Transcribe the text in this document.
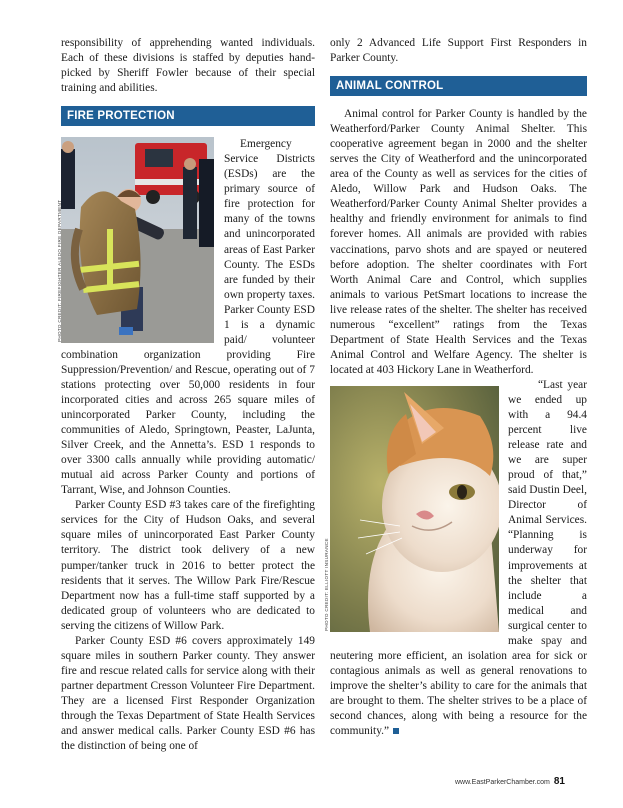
responsibility of apprehending wanted individuals. Each of these divisions is staffed by deputies hand-picked by Sheriff Fowler because of their special training and abilities.

FIRE PROTECTION
PHOTO CREDIT: FIREFIGHTER ALEDO FIRE DEPARTMENT

Emergency Service Districts (ESDs) are the primary source of fire protection for many of the towns and unincorporated areas of East Parker County. The ESDs are funded by their own property taxes. Parker County ESD 1 is a dynamic paid/ volunteer combination organization providing Fire Suppression/Prevention/ and Rescue, operating out of 7 stations protecting over 50,000 residents in four incorporated cities and across 265 square miles of unincorporated Parker County, including the communities of Aledo, Springtown, Peaster, LaJunta, Silver Creek, and the Annetta’s. ESD 1 responds to over 3300 calls annually while providing automatic/ mutual aid across Parker County and portions of Tarrant, Wise, and Johnson Counties.

Parker County ESD #3 takes care of the firefighting services for the City of Hudson Oaks, and several square miles of unincorporated East Parker County territory. The district took delivery of a new pumper/tanker truck in 2016 to better protect the residents that it serves. The Willow Park Fire/Rescue Department now has a full-time staff supported by a dedicated group of volunteers who are dedicated to serving the citizens of Willow Park.

Parker County ESD #6 covers approximately 149 square miles in southern Parker county. They answer fire and rescue related calls for service along with their partner department Cresson Volunteer Fire Department. They are a licensed First Responder Organization through the Texas Department of State Health Services and answer medical calls. Parker County ESD #6 has the distinction of being one of

only 2 Advanced Life Support First Responders in Parker County.

ANIMAL CONTROL

Animal control for Parker County is handled by the Weatherford/Parker County Animal Shelter. This cooperative agreement began in 2000 and the shelter serves the City of Weatherford and the unincorporated area of the County as well as services for the cities of Aledo, Willow Park and Hudson Oaks. The Weatherford/Parker County Animal Shelter provides a healthy and friendly environment for animals to find forever homes. All animals are provided with rabies vaccinations, parvo shots and are spayed or neutered before adoption. The shelter coordinates with Fort Worth Animal Care and Control, which supplies animals to various PetSmart locations to increase the live release rates of the shelter. The shelter has received numerous “excellent” ratings from the Texas Department of State Health Services and the Texas Animal Control and Welfare Agency. The shelter is located at 403 Hickory Lane in Weatherford.

PHOTO CREDIT: ELLIOTT INSURANCE

“Last year we ended up with a 94.4 percent live release rate and we are super proud of that,” said Dustin Deel, Director of Animal Services. “Planning is underway for improvements at the shelter that include a medical and surgical center to make spay and neutering more efficient, an isolation area for sick or contagious animals as well as general renovations to improve the shelter’s ability to care for the animals that are brought to them. The shelter strives to be a place of second chances, along with being a resource for the community.”

www.EastParkerChamber.com 81
